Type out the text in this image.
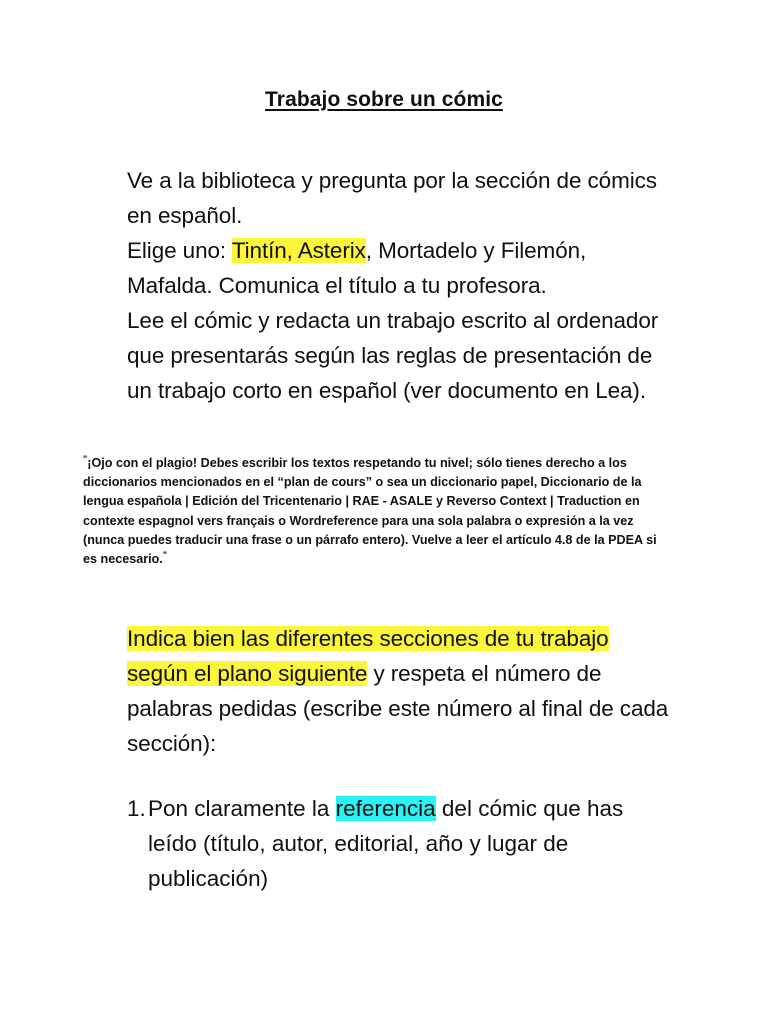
Trabajo sobre un cómic
Ve a la biblioteca y pregunta por la sección de cómics
en español.
Elige uno: Tintín, Asterix, Mortadelo y Filemón,
Mafalda. Comunica el título a tu profesora.
Lee el cómic y redacta un trabajo escrito al ordenador
que presentarás según las reglas de presentación de
un trabajo corto en español (ver documento en Lea).
"¡Ojo con el plagio! Debes escribir los textos respetando tu nivel; sólo tienes derecho a los
diccionarios mencionados en el “plan de cours” o sea un diccionario papel, Diccionario de la
lengua española | Edición del Tricentenario | RAE - ASALE y Reverso Context | Traduction en
contexte espagnol vers français o Wordreference para una sola palabra o expresión a la vez
(nunca puedes traducir una frase o un párrafo entero). Vuelve a leer el artículo 4.8 de la PDEA si
es necesario."
Indica bien las diferentes secciones de tu trabajo
según el plano siguiente y respeta el número de
palabras pedidas (escribe este número al final de cada
sección):
1. Pon claramente la referencia del cómic que has
leído (título, autor, editorial, año y lugar de
publicación)
